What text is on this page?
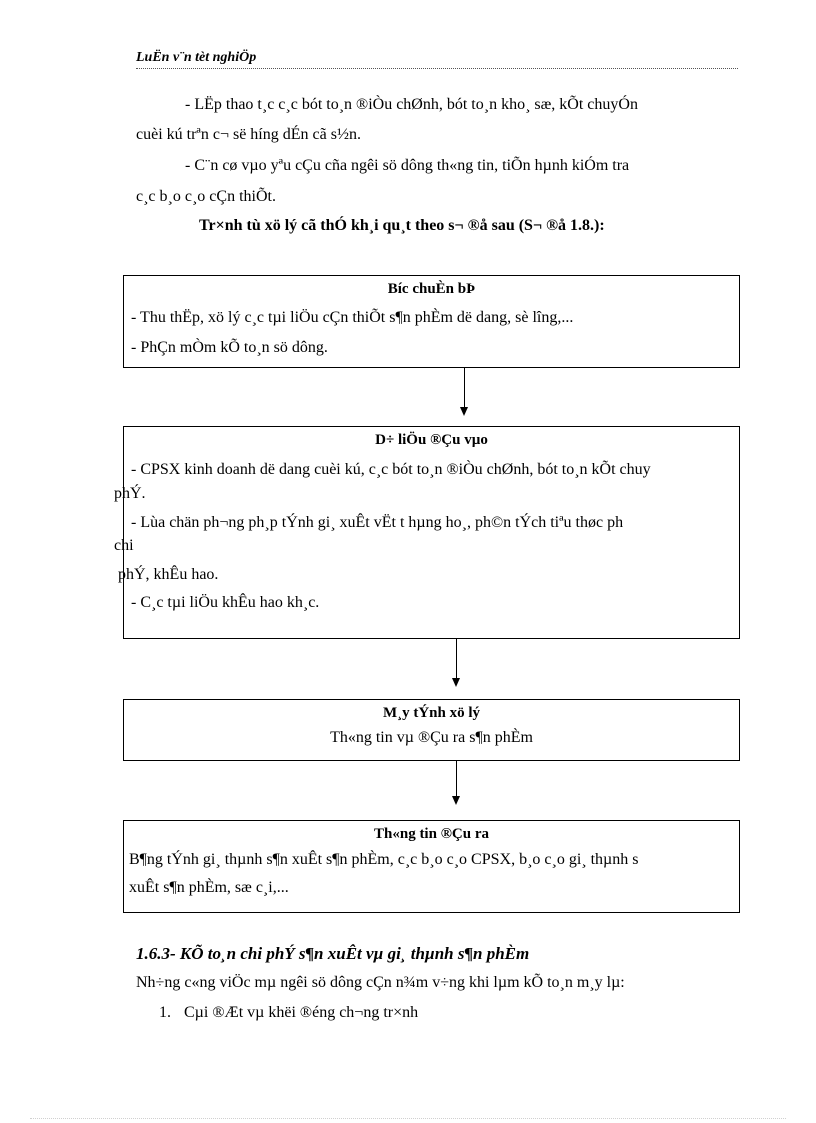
LuËn v¨n tèt nghiÖp
- LËp thao t¸c c¸c bót to¸n ®iÒu chØnh, bót to¸n kho¸ sæ, kÕt chuyÓn
cuèi kú trªn c¬ së híng dÉn cã s½n.
- C¨n cø vµo yªu cÇu cña ngêi sö dông th«ng tin, tiÕn hµnh kiÓm tra
c¸c b¸o c¸o cÇn thiÕt.
Tr×nh tù xö lý cã thÓ kh¸i qu¸t theo s¬ ®å sau (S¬ ®å 1.8.):
Bíc chuÈn bÞ
- Thu thËp, xö lý c¸c tµi liÖu cÇn thiÕt s¶n phÈm dë dang, sè lîng,...
- PhÇn mÒm kÕ to¸n sö dông.
D÷ liÖu ®Çu vµo
- CPSX kinh doanh dë dang cuèi kú, c¸c bót to¸n ®iÒu chØnh, bót to¸n kÕt chuy
phÝ.
- Lùa chän ph¬ng ph¸p tÝnh gi¸ xuÊt vËt t hµng ho¸, ph©n tÝch tiªu thøc ph
chi
phÝ, khÊu hao.
- C¸c tµi liÖu khÊu hao kh¸c.
M¸y tÝnh xö lý
Th«ng tin vµ ®Çu ra s¶n phÈm
Th«ng tin ®Çu ra
B¶ng tÝnh gi¸ thµnh s¶n xuÊt s¶n phÈm, c¸c b¸o c¸o CPSX, b¸o c¸o gi¸ thµnh s
xuÊt s¶n phÈm, sæ c¸i,...
1.6.3- KÕ to¸n chi phÝ s¶n xuÊt vµ gi¸ thµnh s¶n phÈm
Nh÷ng c«ng viÖc mµ ngêi sö dông cÇn n¾m v÷ng khi lµm kÕ to¸n m¸y lµ:
1. Cµi ®Æt vµ khëi ®éng ch¬ng tr×nh
